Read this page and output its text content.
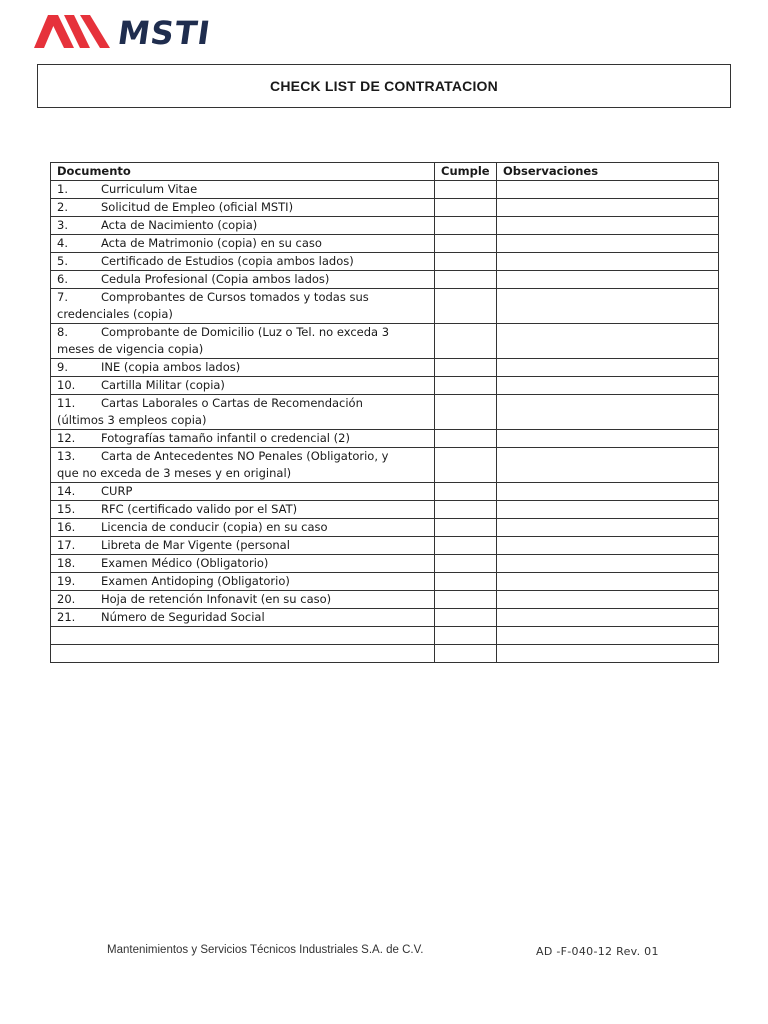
MSTI
CHECK LIST DE CONTRATACION
Documento	Cumple	Observaciones
1. Curriculum Vitae		
2. Solicitud de Empleo (oficial MSTI)		
3. Acta de Nacimiento (copia)		
4. Acta de Matrimonio (copia) en su caso		
5. Certificado de Estudios (copia ambos lados)		
6. Cedula Profesional (Copia ambos lados)		
7. Comprobantes de Cursos tomados y todas sus
credenciales (copia)		
8. Comprobante de Domicilio (Luz o Tel. no exceda 3
meses de vigencia copia)		
9. INE (copia ambos lados)		
10. Cartilla Militar (copia)		
11. Cartas Laborales o Cartas de Recomendación
(últimos 3 empleos copia)		
12. Fotografías tamaño infantil o credencial (2)		
13. Carta de Antecedentes NO Penales (Obligatorio, y
que no exceda de 3 meses y en original)		
14. CURP		
15. RFC (certificado valido por el SAT)		
16. Licencia de conducir (copia) en su caso		
17. Libreta de Mar Vigente (personal		
18. Examen Médico (Obligatorio)		
19. Examen Antidoping (Obligatorio)		
20. Hoja de retención Infonavit (en su caso)		
21. Número de Seguridad Social		

Mantenimientos y Servicios Técnicos Industriales S.A. de C.V.	AD -F-040-12 Rev. 01
